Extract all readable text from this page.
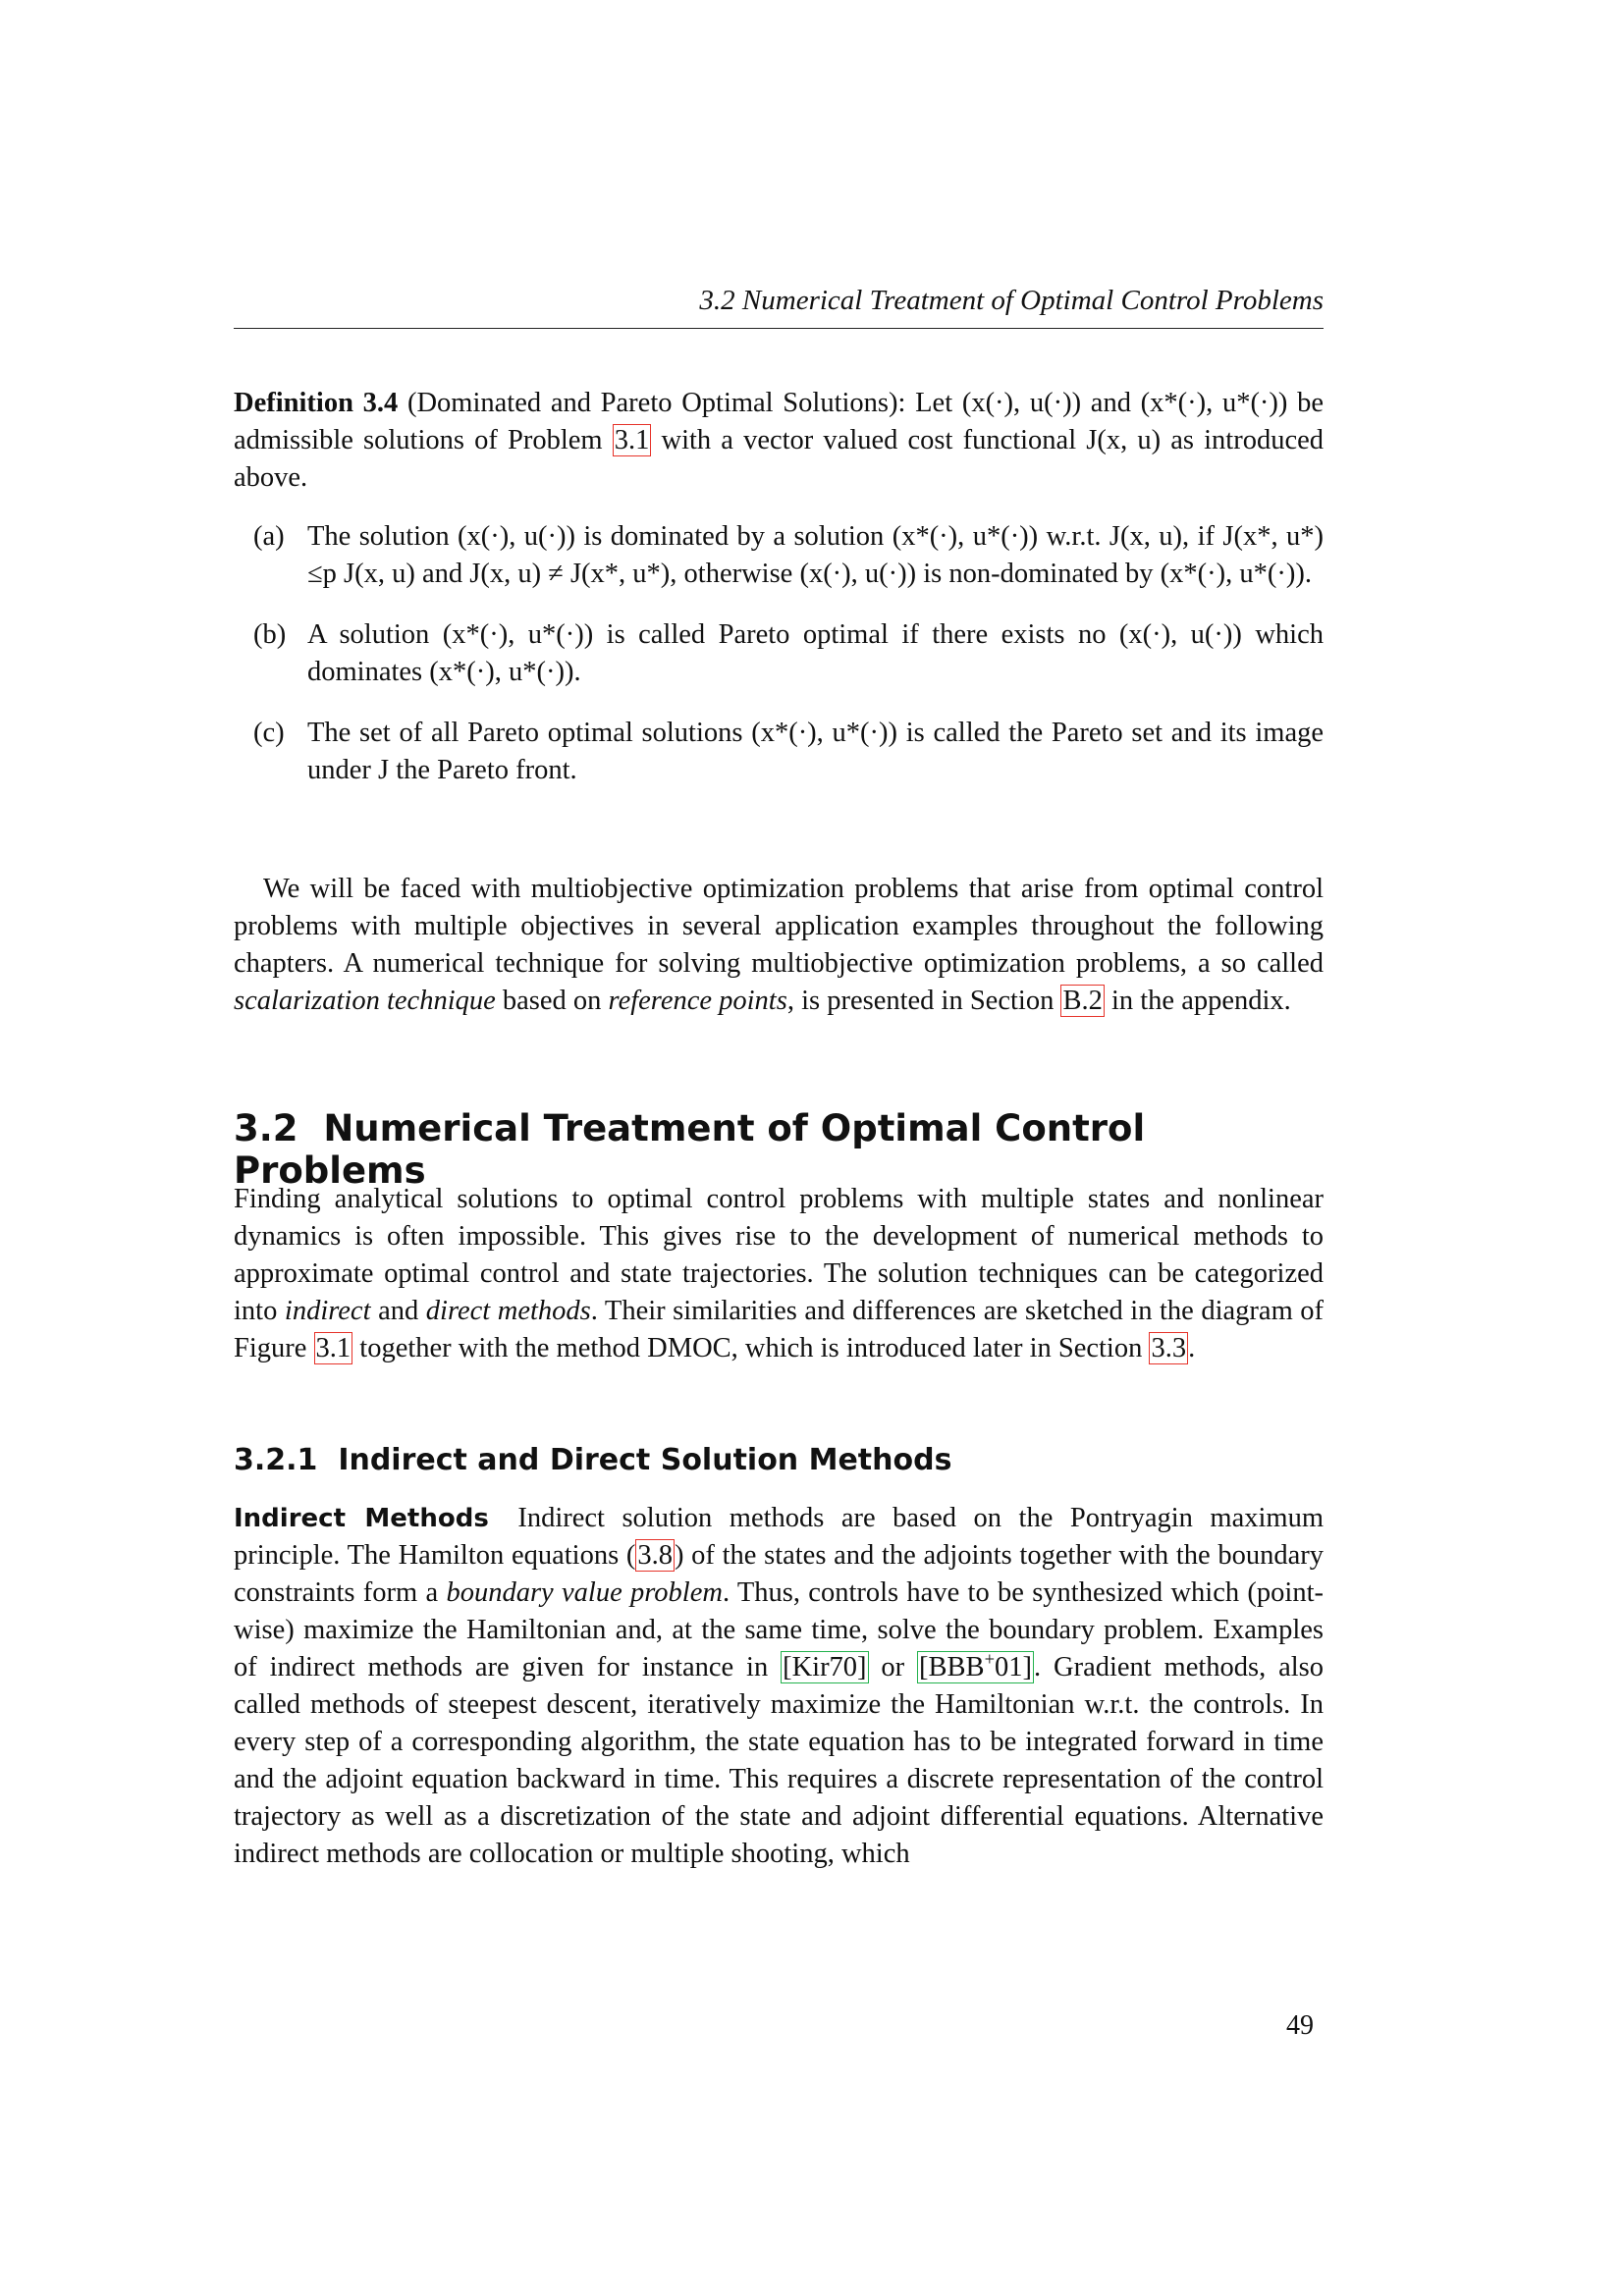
3.2 Numerical Treatment of Optimal Control Problems

Definition 3.4 (Dominated and Pareto Optimal Solutions): Let (x(·), u(·)) and (x*(·), u*(·)) be admissible solutions of Problem 3.1 with a vector valued cost functional J(x, u) as introduced above.

(a) The solution (x(·), u(·)) is dominated by a solution (x*(·), u*(·)) w.r.t. J(x, u), if J(x*, u*) ≤p J(x, u) and J(x, u) ≠ J(x*, u*), otherwise (x(·), u(·)) is non-dominated by (x*(·), u*(·)).

(b) A solution (x*(·), u*(·)) is called Pareto optimal if there exists no (x(·), u(·)) which dominates (x*(·), u*(·)).

(c) The set of all Pareto optimal solutions (x*(·), u*(·)) is called the Pareto set and its image under J the Pareto front.

We will be faced with multiobjective optimization problems that arise from optimal control problems with multiple objectives in several application examples throughout the following chapters. A numerical technique for solving multiobjective optimization problems, a so called scalarization technique based on reference points, is presented in Section B.2 in the appendix.

3.2 Numerical Treatment of Optimal Control Problems

Finding analytical solutions to optimal control problems with multiple states and nonlinear dynamics is often impossible. This gives rise to the development of numerical methods to approximate optimal control and state trajectories. The solution techniques can be categorized into indirect and direct methods. Their similarities and differences are sketched in the diagram of Figure 3.1 together with the method DMOC, which is introduced later in Section 3.3.

3.2.1 Indirect and Direct Solution Methods

Indirect Methods Indirect solution methods are based on the Pontryagin maximum principle. The Hamilton equations (3.8) of the states and the adjoints together with the boundary constraints form a boundary value problem. Thus, controls have to be synthesized which (point-wise) maximize the Hamiltonian and, at the same time, solve the boundary problem. Examples of indirect methods are given for instance in [Kir70] or [BBB+01]. Gradient methods, also called methods of steepest descent, iteratively maximize the Hamiltonian w.r.t. the controls. In every step of a corresponding algorithm, the state equation has to be integrated forward in time and the adjoint equation backward in time. This requires a discrete representation of the control trajectory as well as a discretization of the state and adjoint differential equations. Alternative indirect methods are collocation or multiple shooting, which

49
